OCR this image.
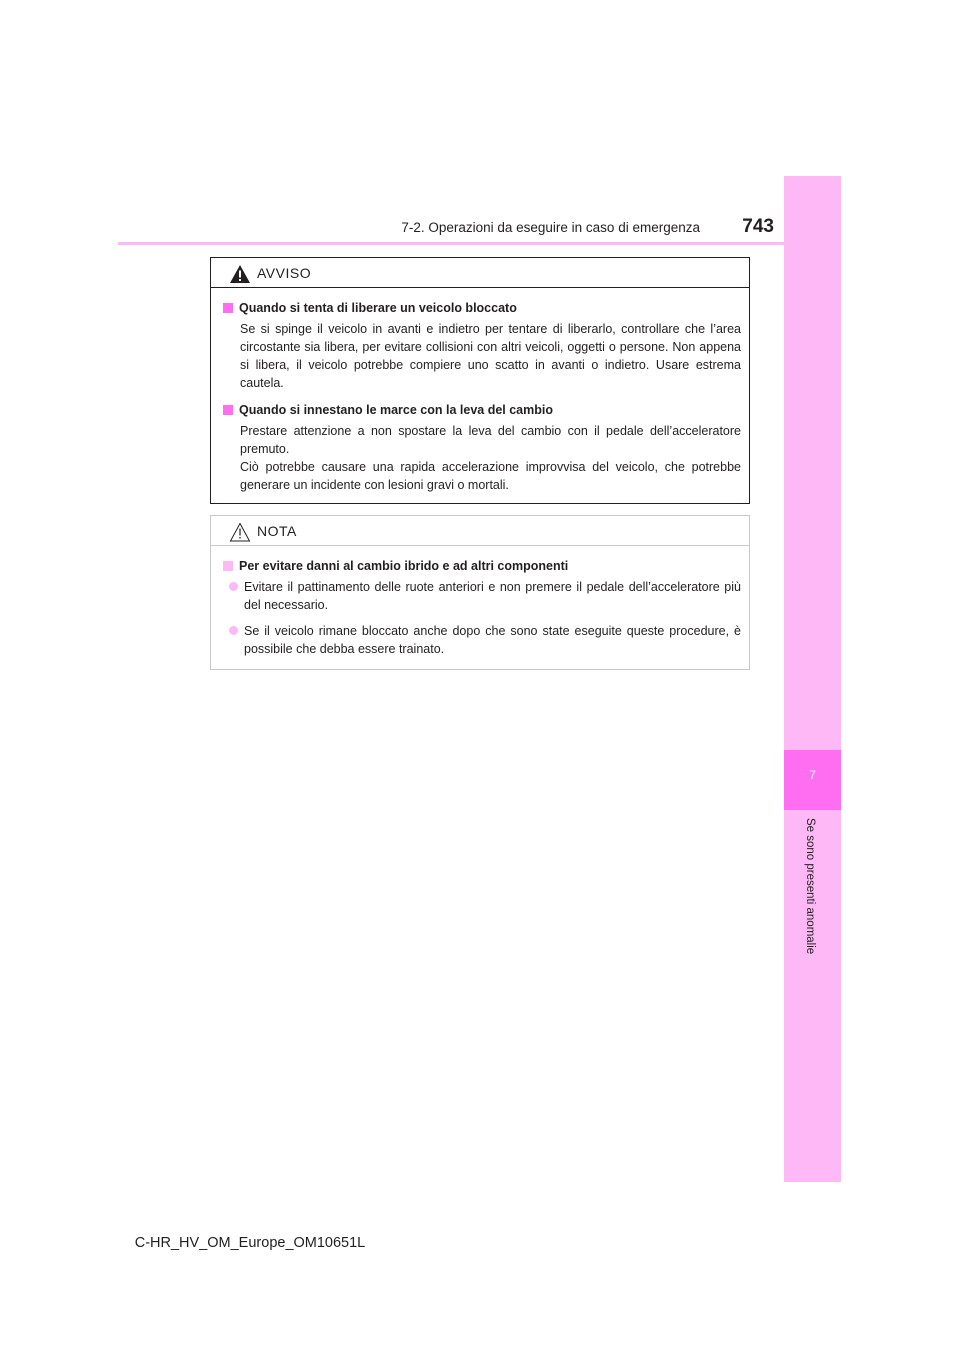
7-2. Operazioni da eseguire in caso di emergenza	743
7
Se sono presenti anomalie
AVVISO
Quando si tenta di liberare un veicolo bloccato

Se si spinge il veicolo in avanti e indietro per tentare di liberarlo, controllare che l’area circostante sia libera, per evitare collisioni con altri veicoli, oggetti o persone. Non appena si libera, il veicolo potrebbe compiere uno scatto in avanti o indietro. Usare estrema cautela.

Quando si innestano le marce con la leva del cambio

Prestare attenzione a non spostare la leva del cambio con il pedale dell’acceleratore premuto.

Ciò potrebbe causare una rapida accelerazione improvvisa del veicolo, che potrebbe generare un incidente con lesioni gravi o mortali.

NOTA
Per evitare danni al cambio ibrido e ad altri componenti
Evitare il pattinamento delle ruote anteriori e non premere il pedale dell’acceleratore più del necessario.
Se il veicolo rimane bloccato anche dopo che sono state eseguite queste procedure, è possibile che debba essere trainato.
C-HR_HV_OM_Europe_OM10651L
